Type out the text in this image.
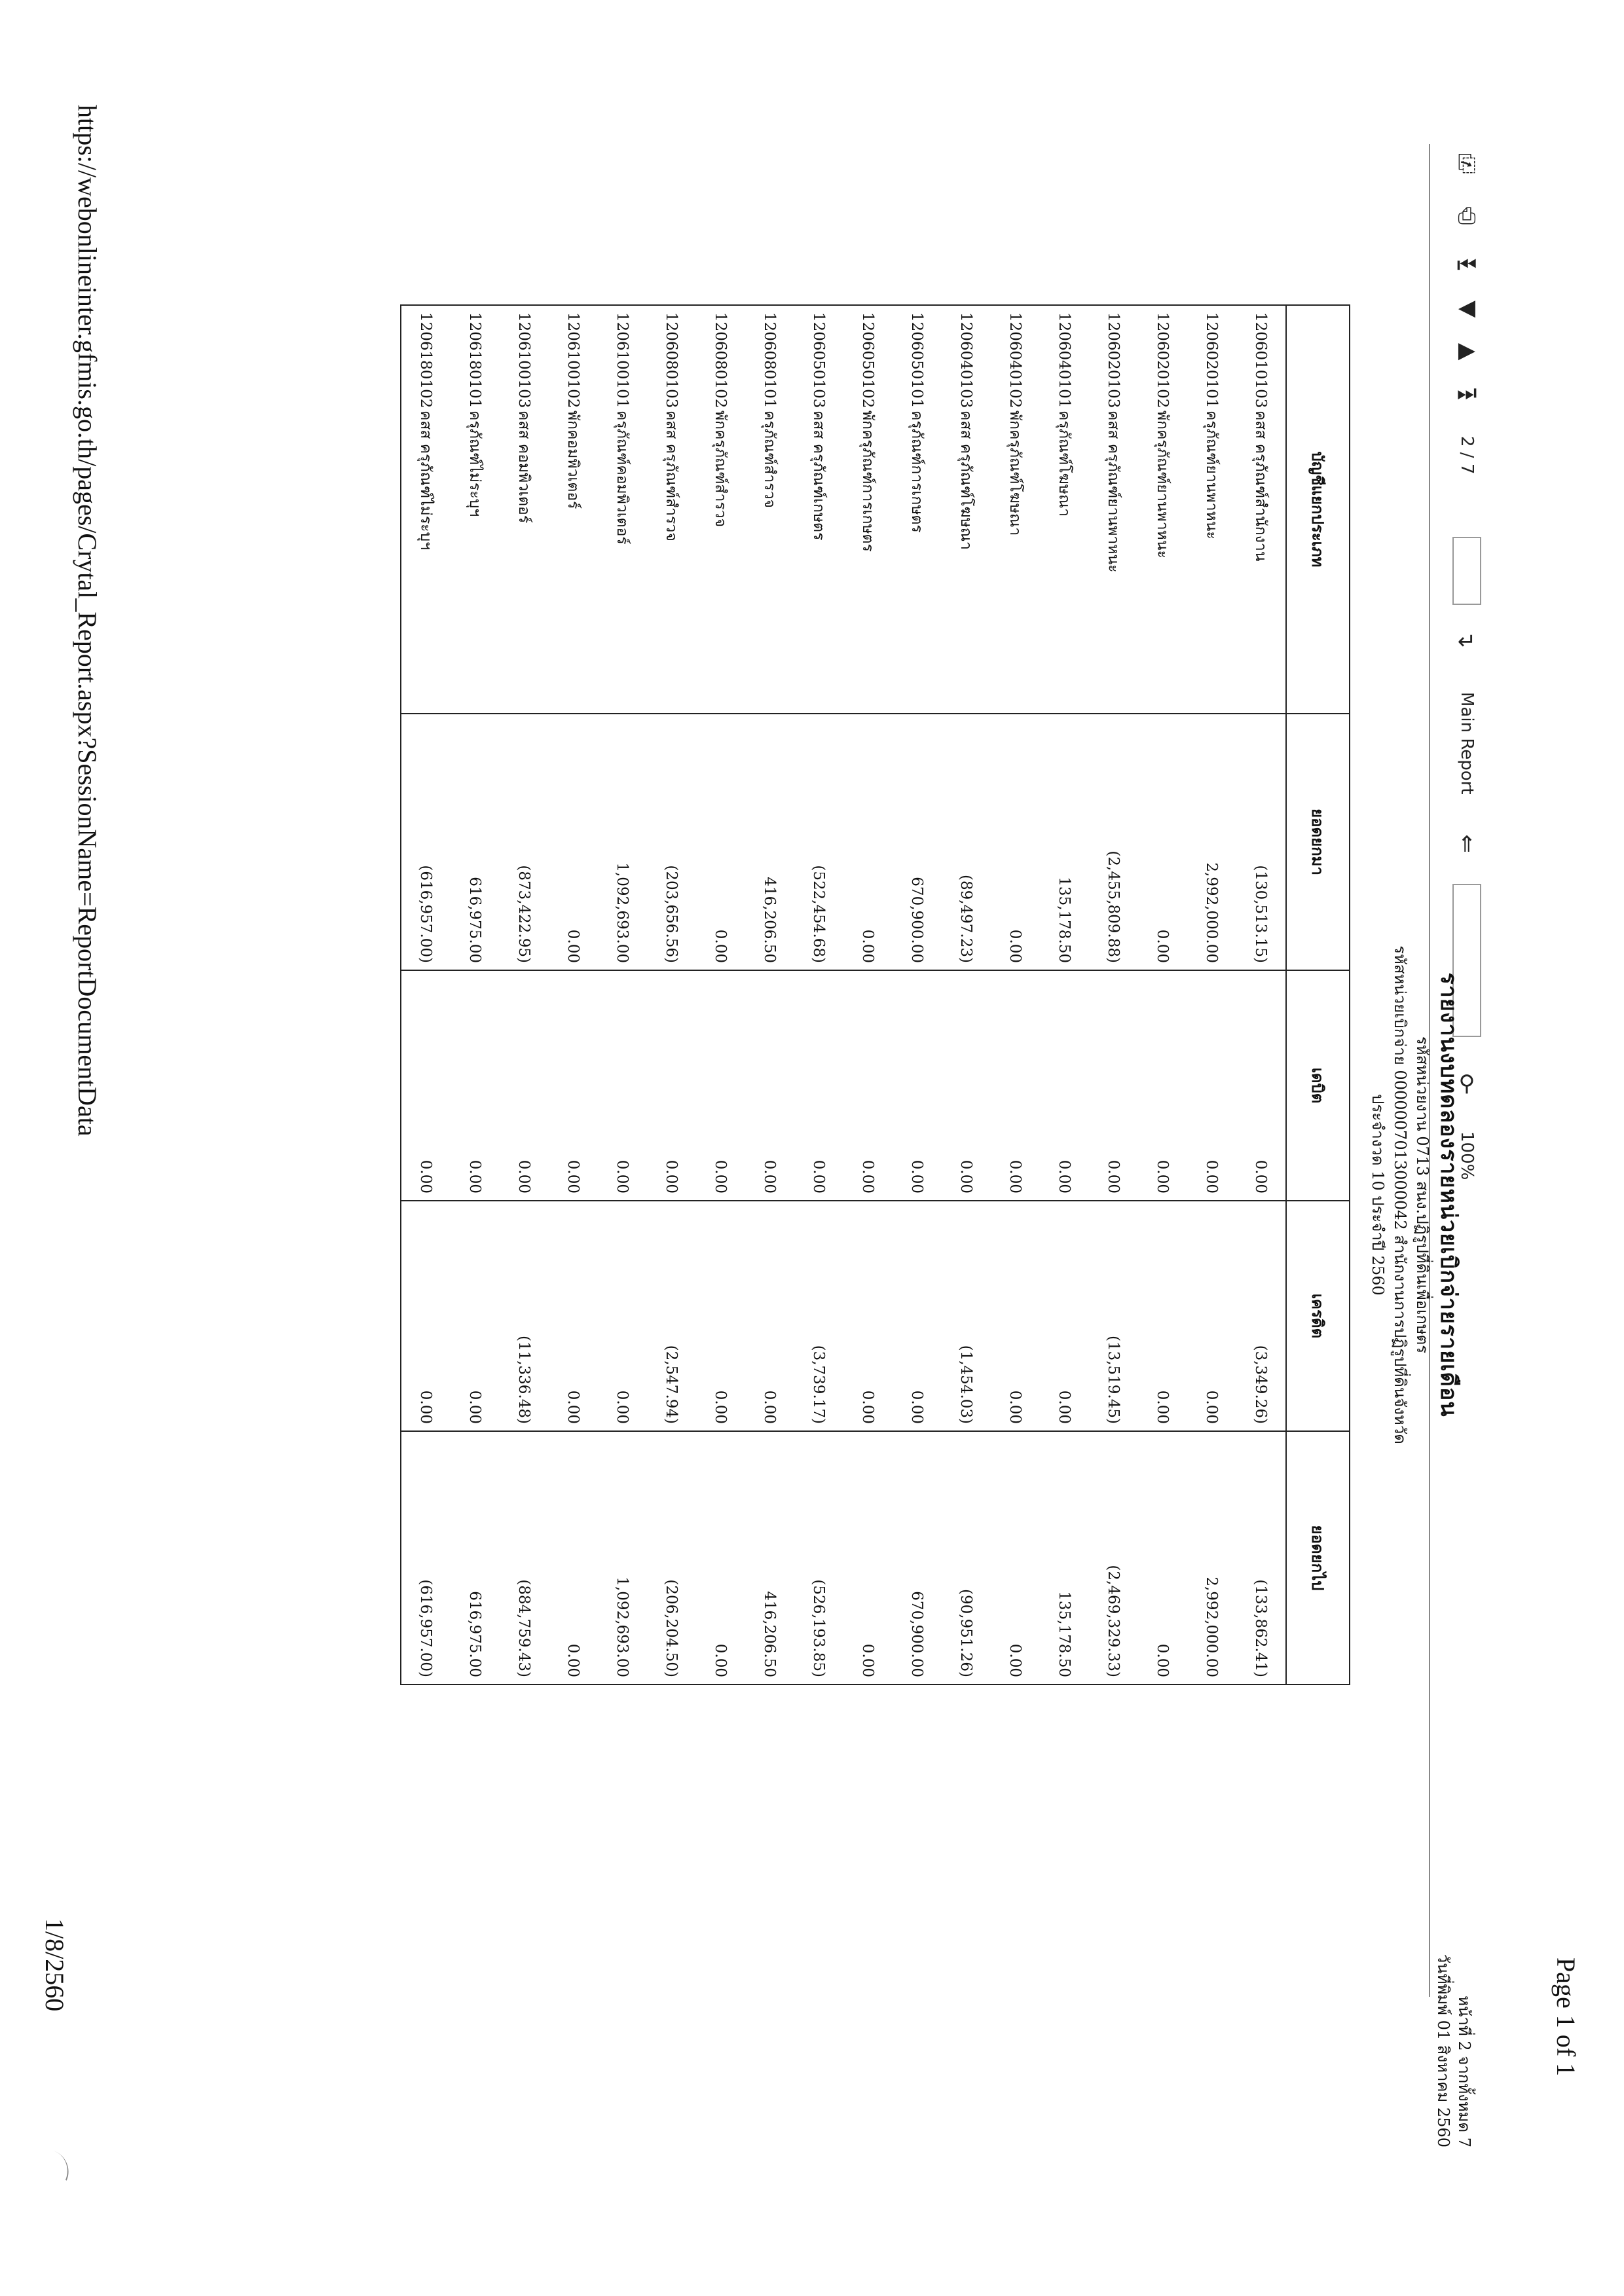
⎘
⎙
⏮
◀
▶
⏭
2 / 7
↵
Main Report
⇑
⚲
100%
รายงานงบทดลองรายหน่วยเบิกจ่ายรายเดือน
รหัสหน่วยงาน 0713 สนง.ปฏิรูปที่ดินเพื่อเกษตร
รหัสหน่วยเบิกจ่าย 0000007013000042 สำนักงานการปฏิรูปที่ดินจังหวัด
ประจำงวด 10 ประจำปี 2560
หน้าที่ 2 จากทั้งหมด 7
วันที่พิมพ์ 01 สิงหาคม 2560
บัญชีแยกประเภท	ยอดยกมา	เดบิต	เครดิต	ยอดยกไป
1206010103คสส ครุภัณฑ์สำนักงาน	(130,513.15)	0.00	(3,349.26)	(133,862.41)
1206020101ครุภัณฑ์ยานพาหนะ	2,992,000.00	0.00	0.00	2,992,000.00
1206020102พักครุภัณฑ์ยานพาหนะ	0.00	0.00	0.00	0.00
1206020103คสส ครุภัณฑ์ยานพาหนะ	(2,455,809.88)	0.00	(13,519.45)	(2,469,329.33)
1206040101ครุภัณฑ์โฆษณา	135,178.50	0.00	0.00	135,178.50
1206040102พักครุภัณฑ์โฆษณา	0.00	0.00	0.00	0.00
1206040103คสส ครุภัณฑ์โฆษณา	(89,497.23)	0.00	(1,454.03)	(90,951.26)
1206050101ครุภัณฑ์การเกษตร	670,900.00	0.00	0.00	670,900.00
1206050102พักครุภัณฑ์การเกษตร	0.00	0.00	0.00	0.00
1206050103คสส ครุภัณฑ์เกษตร	(522,454.68)	0.00	(3,739.17)	(526,193.85)
1206080101ครุภัณฑ์สำรวจ	416,206.50	0.00	0.00	416,206.50
1206080102พักครุภัณฑ์สำรวจ	0.00	0.00	0.00	0.00
1206080103คสส ครุภัณฑ์สำรวจ	(203,656.56)	0.00	(2,547.94)	(206,204.50)
1206100101ครุภัณฑ์คอมพิวเตอร์	1,092,693.00	0.00	0.00	1,092,693.00
1206100102พักคอมพิวเตอร์	0.00	0.00	0.00	0.00
1206100103คสส คอมพิวเตอร์	(873,422.95)	0.00	(11,336.48)	(884,759.43)
1206180101ครุภัณฑ์ไม่ระบุฯ	616,975.00	0.00	0.00	616,975.00
1206180102คสส ครุภัณฑ์ไม่ระบุฯ	(616,957.00)	0.00	0.00	(616,957.00)
https://webonlineinter.gfmis.go.th/pages/Crytal_Report.aspx?SessionName=ReportDocumentData
Page 1 of 1
1/8/2560
